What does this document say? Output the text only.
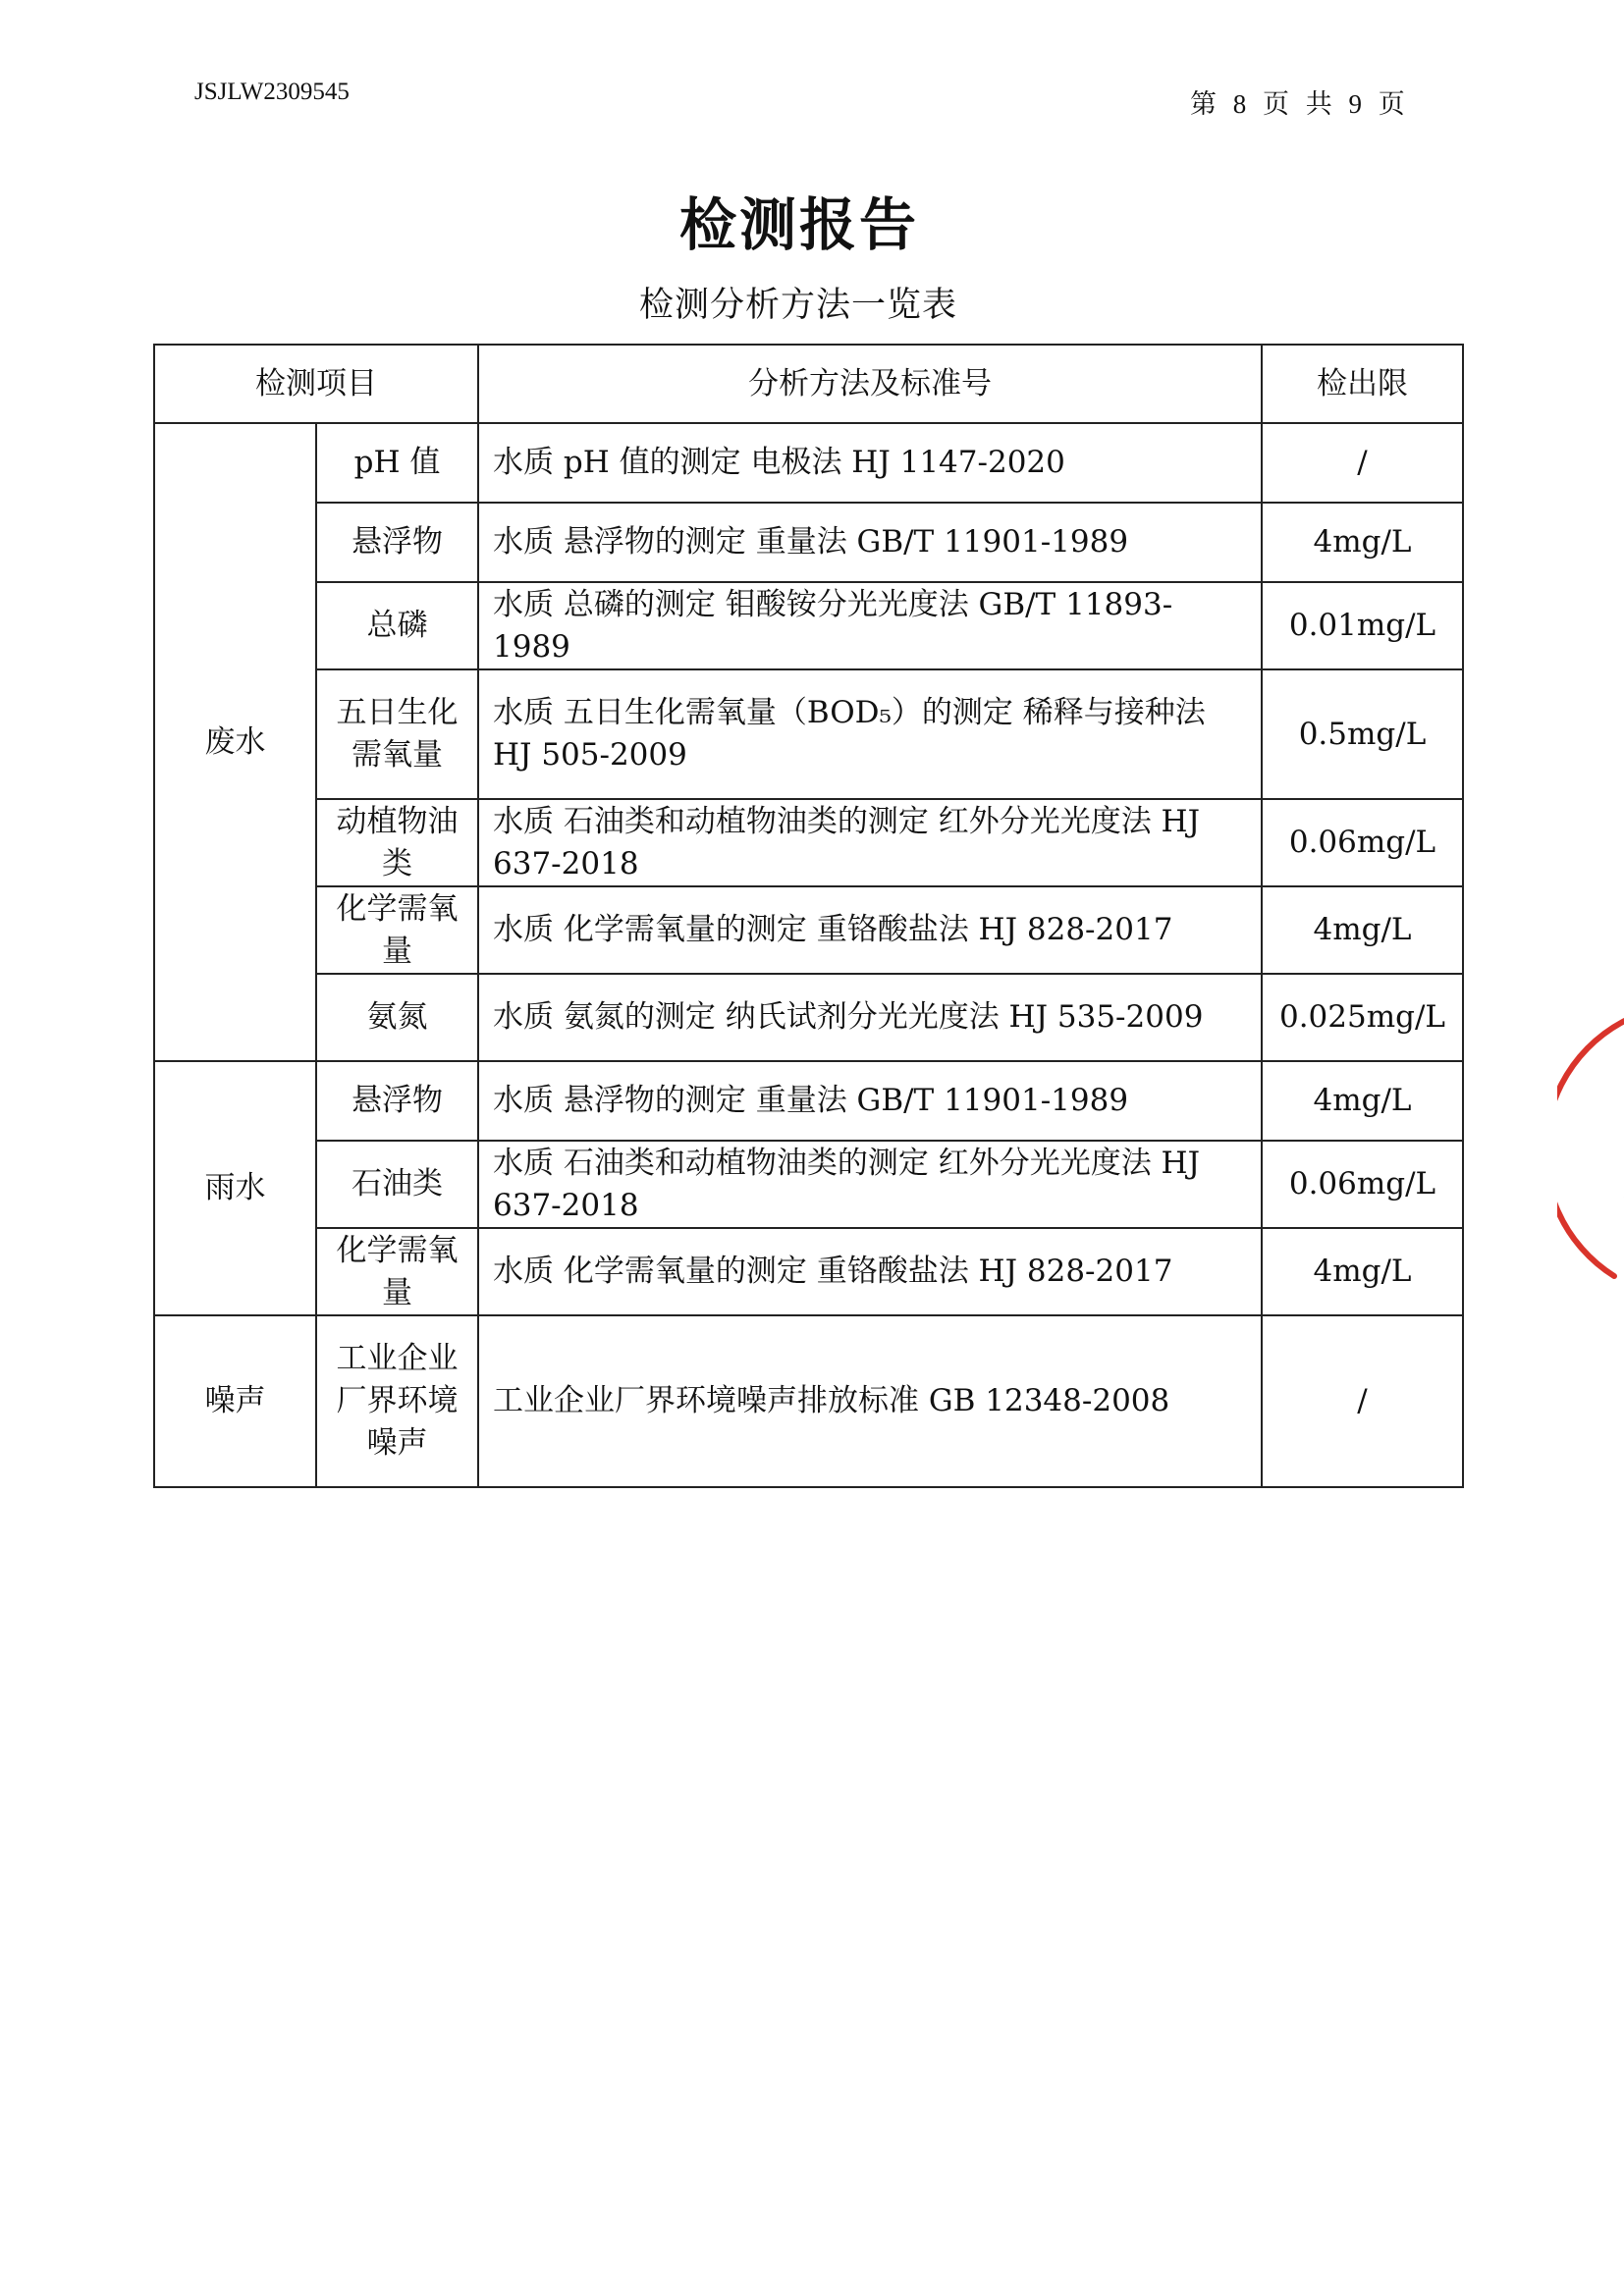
JSJLW2309545	第 8 页 共 9 页
检测报告
检测分析方法一览表
检测项目		分析方法及标准号	检出限
废水	pH 值	水质 pH 值的测定 电极法 HJ 1147-2020	/
	悬浮物	水质 悬浮物的测定 重量法 GB/T 11901-1989	4mg/L
	总磷	水质 总磷的测定 钼酸铵分光光度法 GB/T 11893-1989	0.01mg/L
	五日生化需氧量	水质 五日生化需氧量（BOD₅）的测定 稀释与接种法 HJ 505-2009	0.5mg/L
	动植物油类	水质 石油类和动植物油类的测定 红外分光光度法 HJ 637-2018	0.06mg/L
	化学需氧量	水质 化学需氧量的测定 重铬酸盐法 HJ 828-2017	4mg/L
	氨氮	水质 氨氮的测定 纳氏试剂分光光度法 HJ 535-2009	0.025mg/L
雨水	悬浮物	水质 悬浮物的测定 重量法 GB/T 11901-1989	4mg/L
	石油类	水质 石油类和动植物油类的测定 红外分光光度法 HJ 637-2018	0.06mg/L
	化学需氧量	水质 化学需氧量的测定 重铬酸盐法 HJ 828-2017	4mg/L
噪声	工业企业厂界环境噪声	工业企业厂界环境噪声排放标准 GB 12348-2008	/
